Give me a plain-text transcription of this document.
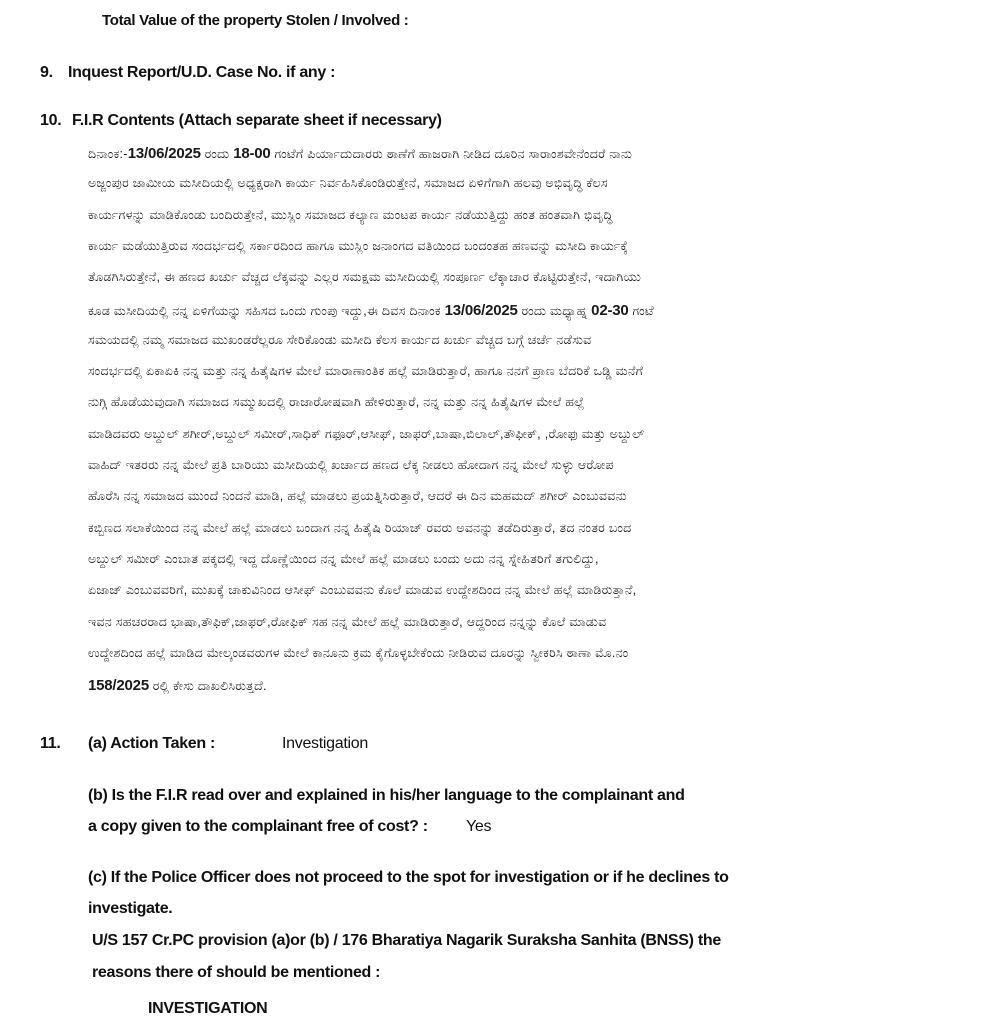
Total Value of the property Stolen / Involved :
9. Inquest Report/U.D. Case No. if any :
10. F.I.R Contents (Attach separate sheet if necessary)
ದಿನಾಂಕ:-13/06/2025 ರಂದು 18-00 ಗಂಟೆಗೆ ಪಿರ್ಯಾದುದಾರರು ಠಾಣೆಗೆ ಹಾಜರಾಗಿ ನೀಡಿದ ದೂರಿನ ಸಾರಾಂಶವೇನೆಂದರೆ ನಾನು
ಅಜ್ಜಂಪುರ ಜಾಮೀಯ ಮಸೀದಿಯಲ್ಲಿ ಅಧ್ಯಕ್ಷರಾಗಿ ಕಾರ್ಯ ನಿರ್ವಹಿಸಿಕೊಂಡಿರುತ್ತೇನೆ, ಸಮಾಜದ ಏಳಿಗೆಗಾಗಿ ಹಲವು ಅಭಿವೃದ್ಧಿ ಕೆಲಸ
ಕಾರ್ಯಗಳನ್ನು ಮಾಡಿಕೊಂಡು ಬಂದಿರುತ್ತೇನೆ, ಮುಸ್ಲಿಂ ಸಮಾಜದ ಕಲ್ಯಾಣ ಮಂಟಪ ಕಾರ್ಯ ನಡೆಯುತ್ತಿದ್ದು ಹಂತ ಹಂತವಾಗಿ ಭಿವೃದ್ಧಿ
ಕಾರ್ಯ ಮಡೆಯುತ್ತಿರುವ ಸಂದರ್ಭದಲ್ಲಿ ಸರ್ಕಾರದಿಂದ ಹಾಗೂ ಮುಸ್ಲಿಂ ಜನಾಂಗದ ವತಿಯಿಂದ ಬಂದಂತಹ ಹಣವನ್ನು ಮಸೀದಿ ಕಾರ್ಯಕ್ಕೆ
ತೊಡಗಿಸಿರುತ್ತೇನೆ, ಈ ಹಣದ ಖರ್ಚು ವೆಚ್ಚದ ಲೆಕ್ಕವನ್ನು ಎಲ್ಲರ ಸಮಕ್ಷಮ ಮಸೀದಿಯಲ್ಲಿ ಸಂಪೂರ್ಣ ಲೆಕ್ಕಾಚಾರ ಕೊಟ್ಟಿರುತ್ತೇನೆ, ಇದಾಗಿಯು
ಕೂಡ ಮಸೀದಿಯಲ್ಲಿ ನನ್ನ ಏಳಿಗೆಯನ್ನು ಸಹಿಸದ ಒಂದು ಗುಂಪು ಇದ್ದು,ಈ ದಿವಸ ದಿನಾಂಕ 13/06/2025 ರಂದು ಮಧ್ಯಾಹ್ನ 02-30 ಗಂಟೆ
ಸಮಯದಲ್ಲಿ ನಮ್ಮ ಸಮಾಜದ ಮುಖಂಡರೆಲ್ಲರೂ ಸೇರಿಕೊಂಡು ಮಸೀದಿ ಕೆಲಸ ಕಾರ್ಯದ ಖರ್ಚು ವೆಚ್ಚದ ಬಗ್ಗೆ ಚರ್ಚೆ ನಡೆಸುವ
ಸಂದರ್ಭದಲ್ಲಿ ಏಕಾಏಕಿ ನನ್ನ ಮತ್ತು ನನ್ನ ಹಿತೈಷಿಗಳ ಮೇಲೆ ಮಾರಾಣಾಂತಿಕ ಹಲ್ಲೆ ಮಾಡಿರುತ್ತಾರೆ, ಹಾಗೂ ನನಗೆ ಪ್ರಾಣ ಬೆದರಿಕೆ ಒಡ್ಡಿ ಮನೆಗೆ
ನುಗ್ಗಿ ಹೊಡೆಯುವುದಾಗಿ ಸಮಾಜದ ಸಮ್ಮುಖದಲ್ಲಿ ರಾಜಾರೋಷವಾಗಿ ಹೇಳಿರುತ್ತಾರೆ, ನನ್ನ ಮತ್ತು ನನ್ನ ಹಿತೈಷಿಗಳ ಮೇಲೆ ಹಲ್ಲೆ
ಮಾಡಿದವರು ಅಬ್ದುಲ್ ಶಗೀರ್,ಅಬ್ದುಲ್ ಸಮೀರ್,ಸಾಧಿಕ್ ಗಫೂರ್,ಆಸೀಫ್, ಜಾಫರ್,ಬಾಷಾ,ಬಿಲಾಲ್,ತೌಫೀಕ್, ,ರೋಫು ಮತ್ತು ಅಬ್ದುಲ್
ವಾಹಿದ್ ಇತರರು ನನ್ನ ಮೇಲೆ ಪ್ರತಿ ಬಾರಿಯು ಮಸೀದಿಯಲ್ಲಿ ಖರ್ಚಾದ ಹಣದ ಲೆಕ್ಕ ನೀಡಲು ಹೋದಾಗ ನನ್ನ ಮೇಲೆ ಸುಳ್ಳು ಆರೋಪ
ಹೊರೆಸಿ ನನ್ನ ಸಮಾಜದ ಮುಂದೆ ನಿಂದನೆ ಮಾಡಿ, ಹಲ್ಲೆ ಮಾಡಲು ಪ್ರಯತ್ನಿಸಿರುತ್ತಾರೆ, ಆದರೆ ಈ ದಿನ ಮಹಮದ್ ಶಗೀರ್ ಎಂಬುವವನು
ಕಬ್ಬಿಣದ ಸಲಾಕೆಯಿಂದ ನನ್ನ ಮೇಲೆ ಹಲ್ಲೆ ಮಾಡಲು ಬಂದಾಗ ನನ್ನ ಹಿತೈಷಿ ರಿಯಾಜ್ ರವರು ಅವನನ್ನು ತಡೆದಿರುತ್ತಾರೆ, ತದ ನಂತರ ಬಂದ
ಅಬ್ದುಲ್ ಸಮೀರ್ ಎಂಬಾತ ಪಕ್ಕದಲ್ಲಿ ಇದ್ದ ದೊಣ್ಣೆಯಿಂದ ನನ್ನ ಮೇಲೆ ಹಲ್ಲೆ ಮಾಡಲು ಬಂದು ಅದು ನನ್ನ ಸ್ನೇಹಿತರಿಗೆ ತಗುಲಿದ್ದು,
ಏಜಾಜ್ ಎಂಬುವವರಿಗೆ, ಮುಖಕ್ಕೆ ಚಾಕುವಿನಿಂದ ಆಸೀಫ್ ಎಂಬುವವನು ಕೊಲೆ ಮಾಡುವ ಉದ್ದೇಶದಿಂದ ನನ್ನ ಮೇಲೆ ಹಲ್ಲೆ ಮಾಡಿರುತ್ತಾನೆ,
ಇವನ ಸಹಚರರಾದ ಭಾಷಾ,ತೌಫಿಕ್,ಜಾಫರ್,ರೋಫಿಕ್ ಸಹ ನನ್ನ ಮೇಲೆ ಹಲ್ಲೆ ಮಾಡಿರುತ್ತಾರೆ, ಆದ್ದರಿಂದ ನನ್ನನ್ನು ಕೊಲೆ ಮಾಡುವ
ಉದ್ದೇಶದಿಂದ ಹಲ್ಲೆ ಮಾಡಿದ ಮೇಲ್ಕಂಡವರುಗಳ ಮೇಲೆ ಕಾನೂನು ಕ್ರಮ ಕೈಗೊಳ್ಳಬೇಕೆಂದು ನೀಡಿರುವ ದೂರನ್ನು ಸ್ವೀಕರಿಸಿ ಠಾಣಾ ಮೊ.ನಂ
158/2025 ರಲ್ಲಿ ಕೇಸು ದಾಖಲಿಸಿರುತ್ತದೆ.
11. (a) Action Taken :	Investigation
(b) Is the F.I.R read over and explained in his/her language to the complainant and
a copy given to the complainant free of cost? : Yes
(c) If the Police Officer does not proceed to the spot for investigation or if he declines to
investigate.
U/S 157 Cr.PC provision (a)or (b) / 176 Bharatiya Nagarik Suraksha Sanhita (BNSS) the
reasons there of should be mentioned :
INVESTIGATION
